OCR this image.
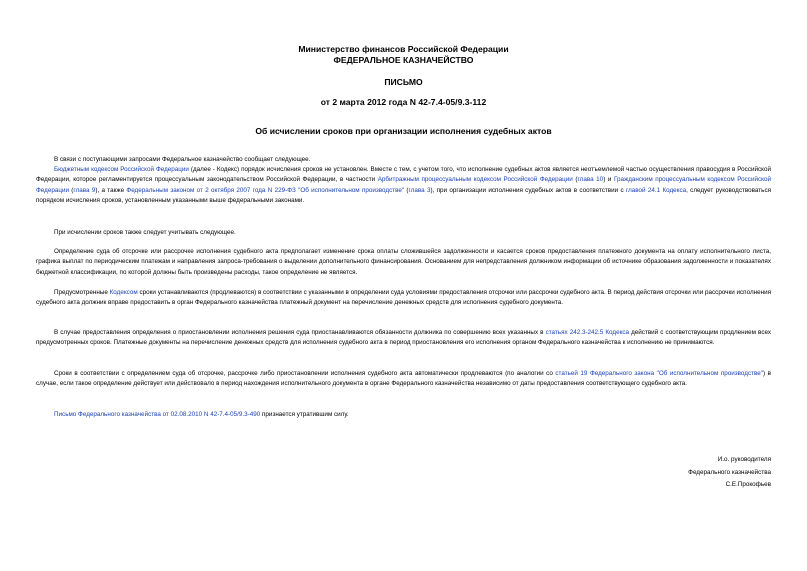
Министерство финансов Российской Федерации
ФЕДЕРАЛЬНОЕ КАЗНАЧЕЙСТВО
ПИСЬМО
от 2 марта 2012 года N 42-7.4-05/9.3-112
Об исчислении сроков при организации исполнения судебных актов
В связи с поступающими запросами Федеральное казначейство сообщает следующее.
Бюджетным кодексом Российской Федерации (далее - Кодекс) порядок исчисления сроков не установлен. Вместе с тем, с учетом того, что исполнение судебных актов является неотъемлемой частью осуществления правосудия в Российской Федерации, которое регламентируется процессуальным законодательством Российской Федерации, в частности Арбитражным процессуальным кодексом Российской Федерации (глава 10) и Гражданским процессуальным кодексом Российской Федерации (глава 9), а также Федеральным законом от 2 октября 2007 года N 229-ФЗ "Об исполнительном производстве" (глава 3), при организации исполнения судебных актов в соответствии с главой 24.1 Кодекса, следует руководствоваться порядком исчисления сроков, установленным указанными выше федеральными законами.
При исчислении сроков также следует учитывать следующее.
Определение суда об отсрочке или рассрочке исполнения судебного акта предполагает изменение срока оплаты сложившейся задолженности и касается сроков предоставления платежного документа на оплату исполнительного листа, графика выплат по периодическим платежам и направления запроса-требования о выделении дополнительного финансирования. Основанием для непредставления должником информации об источнике образования задолженности и показателях бюджетной классификации, по которой должны быть произведены расходы, такое определение не является.
Предусмотренные Кодексом сроки устанавливаются (продлеваются) в соответствии с указанными в определении суда условиями предоставления отсрочки или рассрочки судебного акта. В период действия отсрочки или рассрочки исполнения судебного акта должник вправе предоставить в орган Федерального казначейства платежный документ на перечисление денежных средств для исполнения судебного документа.
В случае предоставления определения о приостановлении исполнения решения суда приостанавливаются обязанности должника по совершению всех указанных в статьях 242.3-242.5 Кодекса действий с соответствующим продлением всех предусмотренных сроков. Платежные документы на перечисление денежных средств для исполнения судебного акта в период приостановления его исполнения органом Федерального казначейства к исполнению не принимаются.
Сроки в соответствии с определением суда об отсрочке, рассрочке либо приостановлении исполнения судебного акта автоматически продлеваются (по аналогии со статьей 19 Федерального закона "Об исполнительном производстве") в случае, если такое определение действует или действовало в период нахождения исполнительного документа в органе Федерального казначейства независимо от даты предоставления соответствующего судебного акта.
Письмо Федерального казначейства от 02.08.2010 N 42-7.4-05/9.3-490 признается утратившим силу.
И.о. руководителя
Федерального казначейства
С.Е.Прокофьев
